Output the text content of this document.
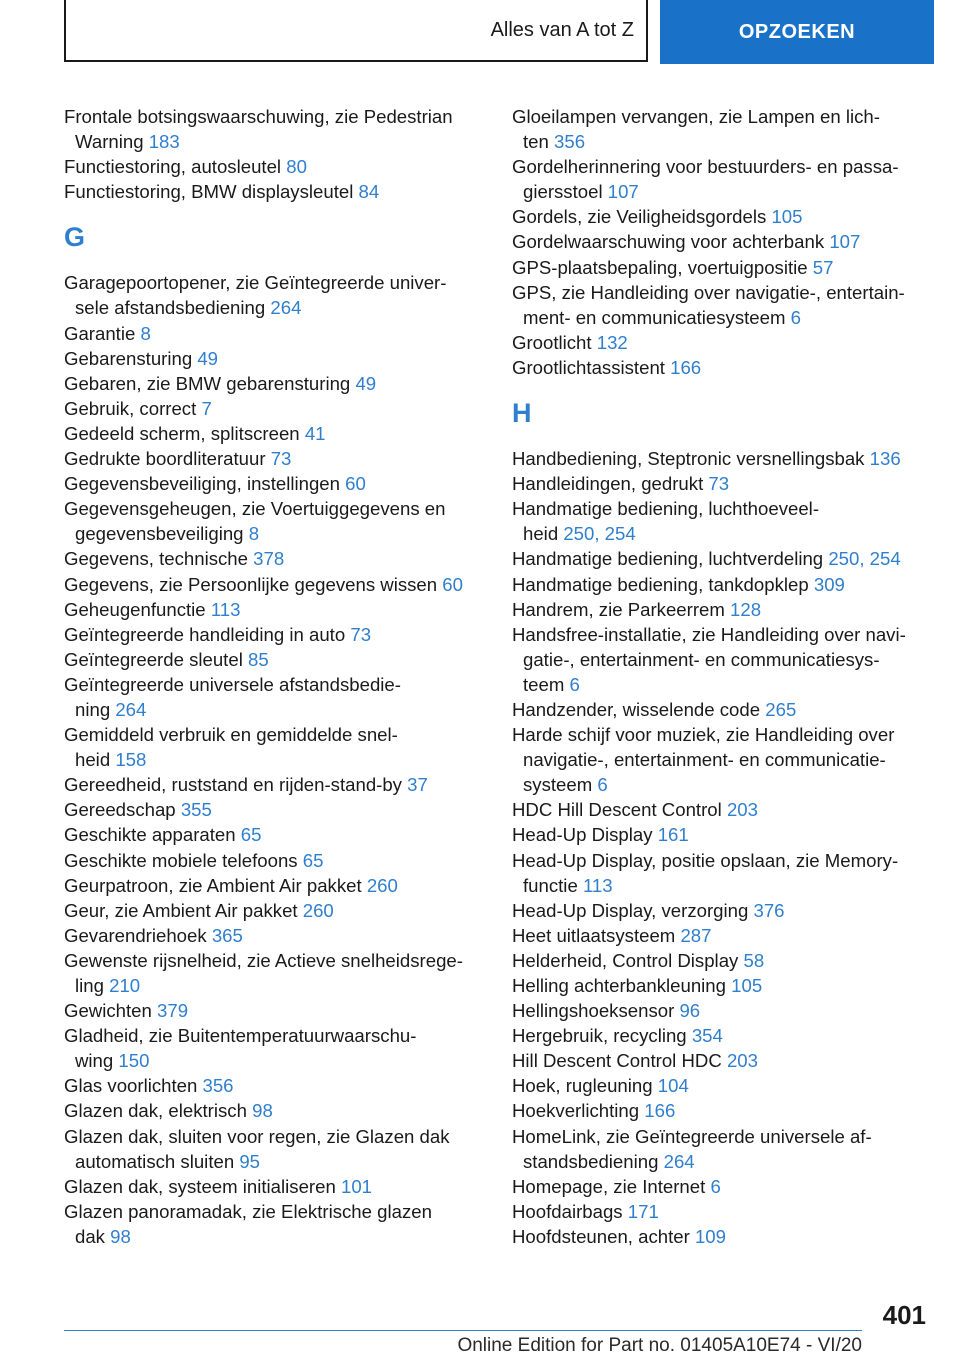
Alles van A tot Z	OPZOEKEN
Frontale botsingswaarschuwing, zie Pedestrian
Warning 183
Functiestoring, autosleutel 80
Functiestoring, BMW displaysleutel 84
G
Garagepoortopener, zie Geïntegreerde univer-
sele afstandsbediening 264
Garantie 8
Gebarensturing 49
Gebaren, zie BMW gebarensturing 49
Gebruik, correct 7
Gedeeld scherm, splitscreen 41
Gedrukte boordliteratuur 73
Gegevensbeveiliging, instellingen 60
Gegevensgeheugen, zie Voertuiggegevens en
gegevensbeveiliging 8
Gegevens, technische 378
Gegevens, zie Persoonlijke gegevens wissen 60
Geheugenfunctie 113
Geïntegreerde handleiding in auto 73
Geïntegreerde sleutel 85
Geïntegreerde universele afstandsbedie-
ning 264
Gemiddeld verbruik en gemiddelde snel-
heid 158
Gereedheid, ruststand en rijden-stand-by 37
Gereedschap 355
Geschikte apparaten 65
Geschikte mobiele telefoons 65
Geurpatroon, zie Ambient Air pakket 260
Geur, zie Ambient Air pakket 260
Gevarendriehoek 365
Gewenste rijsnelheid, zie Actieve snelheidsrege-
ling 210
Gewichten 379
Gladheid, zie Buitentemperatuurwaarschu-
wing 150
Glas voorlichten 356
Glazen dak, elektrisch 98
Glazen dak, sluiten voor regen, zie Glazen dak
automatisch sluiten 95
Glazen dak, systeem initialiseren 101
Glazen panoramadak, zie Elektrische glazen
dak 98
Gloeilampen vervangen, zie Lampen en lich-
ten 356
Gordelherinnering voor bestuurders- en passa-
giersstoel 107
Gordels, zie Veiligheidsgordels 105
Gordelwaarschuwing voor achterbank 107
GPS-plaatsbepaling, voertuigpositie 57
GPS, zie Handleiding over navigatie-, entertain-
ment- en communicatiesysteem 6
Grootlicht 132
Grootlichtassistent 166
H
Handbediening, Steptronic versnellingsbak 136
Handleidingen, gedrukt 73
Handmatige bediening, luchthoeveel-
heid 250, 254
Handmatige bediening, luchtverdeling 250, 254
Handmatige bediening, tankdopklep 309
Handrem, zie Parkeerrem 128
Handsfree-installatie, zie Handleiding over navi-
gatie-, entertainment- en communicatiesys-
teem 6
Handzender, wisselende code 265
Harde schijf voor muziek, zie Handleiding over
navigatie-, entertainment- en communicatie-
systeem 6
HDC Hill Descent Control 203
Head-Up Display 161
Head-Up Display, positie opslaan, zie Memory-
functie 113
Head-Up Display, verzorging 376
Heet uitlaatsysteem 287
Helderheid, Control Display 58
Helling achterbankleuning 105
Hellingshoeksensor 96
Hergebruik, recycling 354
Hill Descent Control HDC 203
Hoek, rugleuning 104
Hoekverlichting 166
HomeLink, zie Geïntegreerde universele af-
standsbediening 264
Homepage, zie Internet 6
Hoofdairbags 171
Hoofdsteunen, achter 109
401
Online Edition for Part no. 01405A10E74 - VI/20
